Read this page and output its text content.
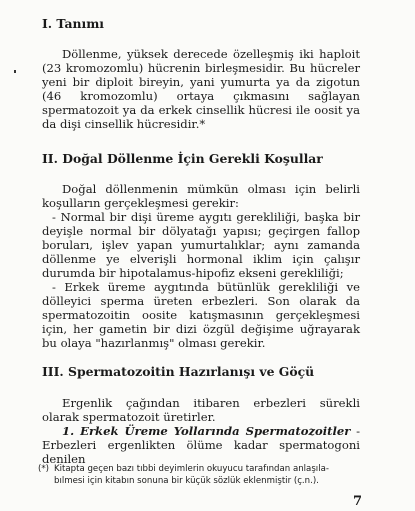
I. Tanımı
Döllenme, yüksek derecede özelleşmiş iki haploit (23 kromozomlu) hücrenin birleşmesidir. Bu hücreler yeni bir diploit bireyin, yani yumurta ya da zigotun (46 kromozomlu) ortaya çıkmasını sağlayan spermatozoit ya da erkek cinsellik hücresi ile oosit ya da dişi cinsellik hücresidir.*
II. Doğal Döllenme İçin Gerekli Koşullar
Doğal döllenmenin mümkün olması için belirli koşulların gerçekleşmesi gerekir:
- Normal bir dişi üreme aygıtı gerekliliği, başka bir deyişle normal bir dölyatağı yapısı; geçirgen fallop boruları, işlev yapan yumurtalıklar; aynı zamanda döllenme ye elverişli hormonal iklim için çalışır durumda bir hipotalamus-hipofiz ekseni gerekliliği;
- Erkek üreme aygıtında bütünlük gerekliliği ve dölleyici sperma üreten erbezleri. Son olarak da spermatozoitin oosite katışmasının gerçekleşmesi için, her gametin bir dizi özgül değişime uğrayarak bu olaya "hazırlanmış" olması gerekir.
III. Spermatozoitin Hazırlanışı ve Göçü
Ergenlik çağından itibaren erbezleri sürekli olarak spermatozoit üretirler.
1. Erkek Üreme Yollarında Spermatozoitler - Erbezleri ergenlikten ölüme kadar spermatogoni denilen
(*) Kitapta geçen bazı tıbbi deyimlerin okuyucu tarafından anlaşıla-
bılmesi için kitabın sonuna bir küçük sözlük eklenmiştir (ç.n.).
7
